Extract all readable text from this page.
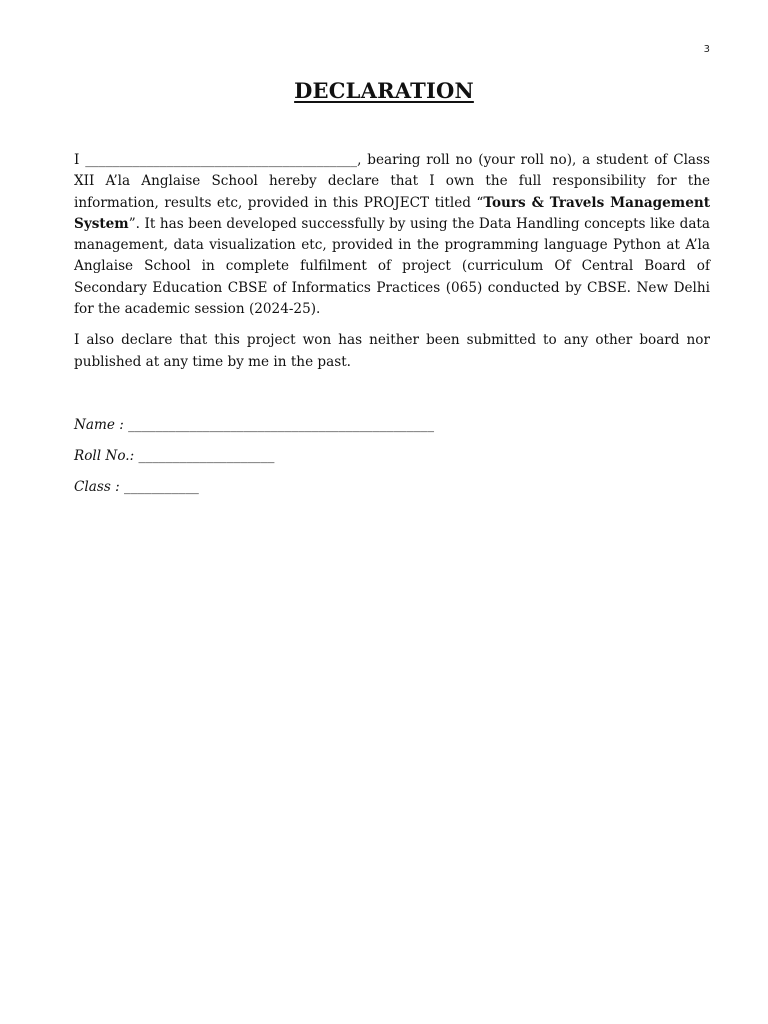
3
DECLARATION

I ________________________________________, bearing roll no (your roll no), a student of Class XII A’la Anglaise School hereby declare that I own the full responsibility for the information, results etc, provided in this PROJECT titled “Tours & Travels Management System”. It has been developed successfully by using the Data Handling concepts like data management, data visualization etc, provided in the programming language Python at A’la Anglaise School in complete fulfilment of project (curriculum Of Central Board of Secondary Education CBSE of Informatics Practices (065) conducted by CBSE. New Delhi for the academic session (2024-25).

I also declare that this project won has neither been submitted to any other board nor published at any time by me in the past.

Name : _____________________________________________
Roll No.: ____________________
Class : ___________
